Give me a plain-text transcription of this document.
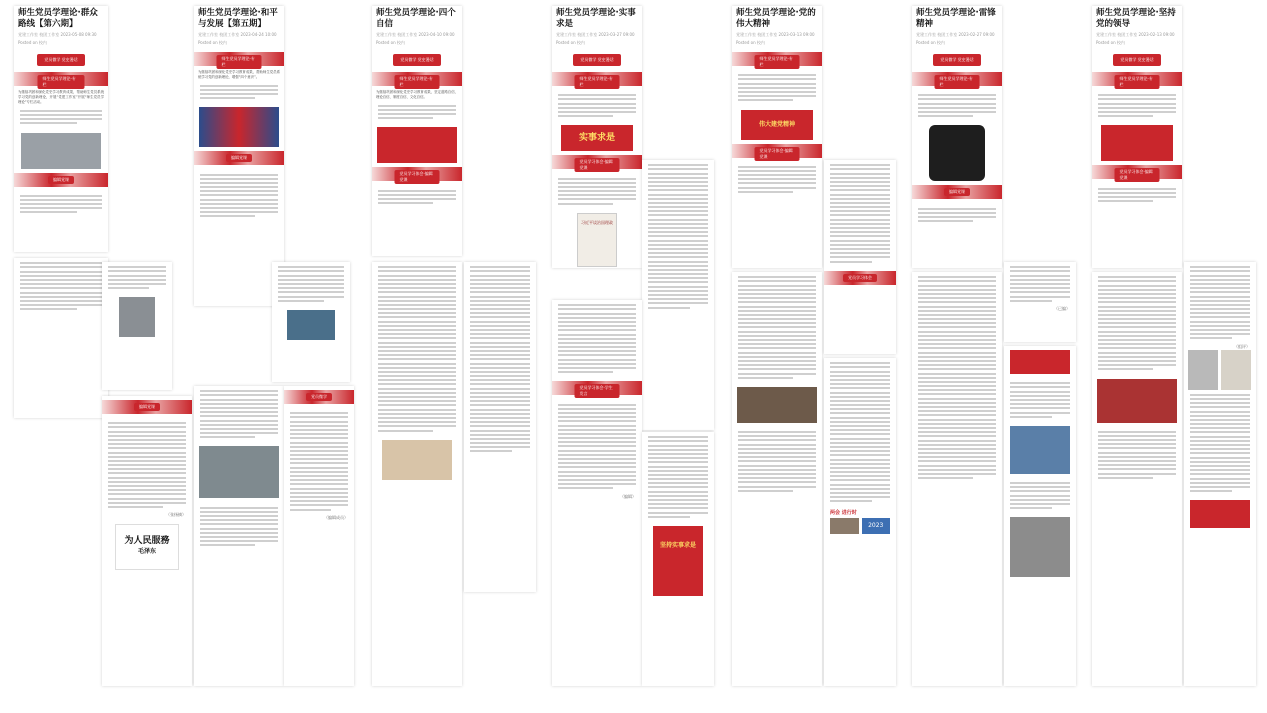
师生党员学理论·群众路线【第六期】
党建工作室 校团工作室 2023-05-08 09:30
Posted on 校内
党员微学 党史漫话
师生党员学理论·专栏
为继续巩固和深化党史学习教育成果，帮助师生党员系统学习党的创新理论，开展“党建工作室”开展“师生党员学理论”专栏活动。
编辑党课
编辑党课
（张扬摘）
为人民服務
毛泽东
师生党员学理论·和平与发展【第五期】
党建工作室 校团工作室 2023-04-24 10:00
Posted on 校内
师生党员学理论·专栏
为继续巩固和深化党史学习教育成果，帮助师生党员系统学习党的创新理论，增强“四个意识”。
编辑党课
党员微学
（编辑成员）
师生党员学理论·四个自信
党建工作室 校团工作室 2023-04-10 09:00
Posted on 校内
党员微学 党史漫话
师生党员学理论·专栏
为继续巩固和深化党史学习教育成果，坚定道路自信、理论自信、制度自信、文化自信。
党员学习体会·编辑党课
师生党员学理论·实事求是
党建工作室 校团工作室 2023-03-27 09:00
Posted on 校内
党员微学 党史漫话
师生党员学理论·专栏
实事求是
党员学习体会·编辑党课
习近平谈治国理政
党员学习体会·学生发言
（编辑）
坚持实事求是
师生党员学理论·党的伟大精神
党建工作室 校团工作室 2023-03-13 09:00
Posted on 校内
师生党员学理论·专栏
伟大建党精神
党员学习体会·编辑党课
党员学习体会
两会 进行时
2023
师生党员学理论·雷锋精神
党建工作室 校团工作室 2023-02-27 09:00
Posted on 校内
党员微学 党史漫话
师生党员学理论·专栏
编辑党课
（已编）
师生党员学理论·坚持党的领导
党建工作室 校团工作室 2023-02-13 09:00
Posted on 校内
党员微学 党史漫话
师生党员学理论·专栏
党员学习体会·编辑党课
（组评）
